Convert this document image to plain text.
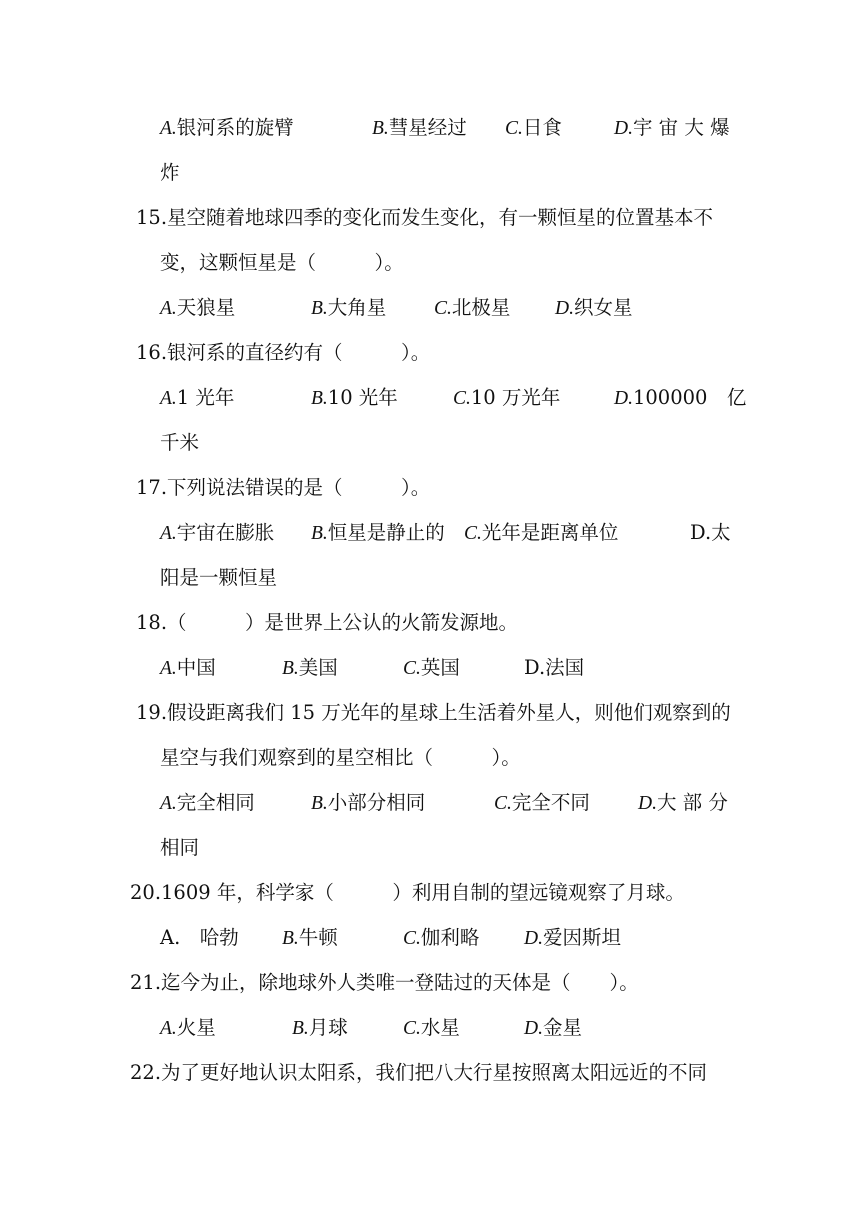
A.银河系的旋臂	B.彗星经过 C.日食	D.宇 宙 大 爆
炸
15.星空随着地球四季的变化而发生变化，有一颗恒星的位置基本不
变，这颗恒星是（　　　）。
A.天狼星	B.大角星 C.北极星 D.织女星
16.银河系的直径约有（　　　）。
A.1 光年	B.10 光年	C.10 万光年	D.100000　亿
千米
17.下列说法错误的是（　　　）。
A.宇宙在膨胀 B.恒星是静止的 C.光年是距离单位	D.太
阳是一颗恒星
18.（　　　）是世界上公认的火箭发源地。
A.中国	B.美国	C.英国	D.法国
19.假设距离我们 15 万光年的星球上生活着外星人，则他们观察到的
星空与我们观察到的星空相比（　　　）。
A.完全相同	B.小部分相同	C.完全不同 D.大 部 分
相同
20.1609 年，科学家（　　　）利用自制的望远镜观察了月球。
A.　哈勃 B.牛顿	C.伽利略 D.爱因斯坦
21.迄今为止，除地球外人类唯一登陆过的天体是（　　）。
A.火星	B.月球	C.水星	D.金星
22.为了更好地认识太阳系，我们把八大行星按照离太阳远近的不同
